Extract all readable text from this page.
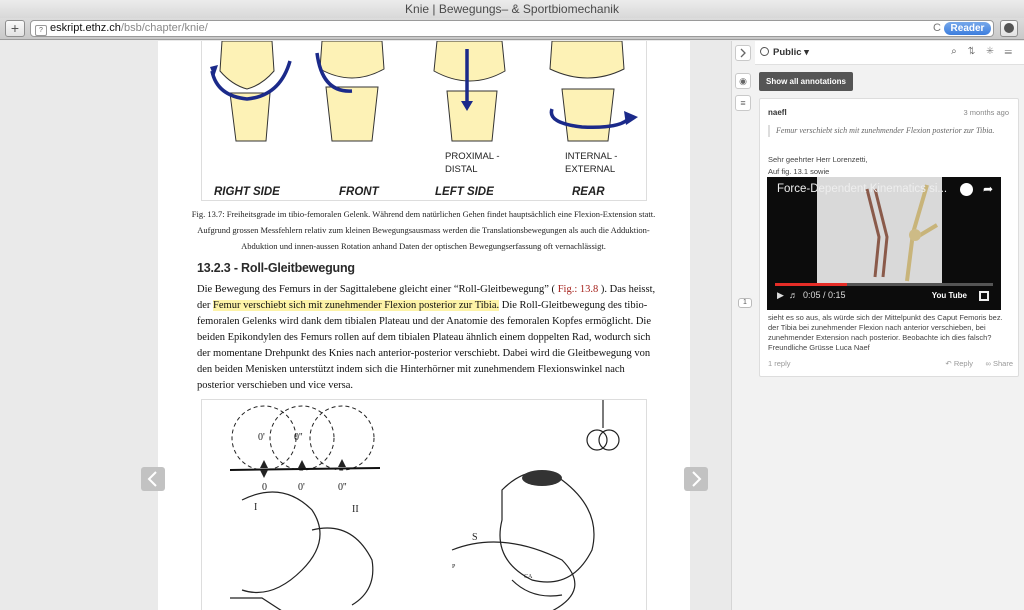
Knie | Bewegungs– & Sportbiomechanik
+	? eskript.ethz.ch/bsb/chapter/knie/	C Reader
RIGHT SIDE	FRONT	LEFT SIDE	REAR
PROXIMAL -
DISTAL
INTERNAL -
EXTERNAL
Fig. 13.7: Freiheitsgrade im tibio-femoralen Gelenk. Während dem natürlichen Gehen findet hauptsächlich eine Flexion-Extension statt. Aufgrund grossen Messfehlern relativ zum kleinen Bewegungsausmass werden die Translationsbewegungen als auch die Adduktion-Abduktion und innen-aussen Rotation anhand Daten der optischen Bewegungserfassung oft vernachlässigt.
13.2.3 - Roll-Gleitbewegung
Die Bewegung des Femurs in der Sagittalebene gleicht einer “Roll-Gleitbewegung” ( Fig.: 13.8 ). Das heisst, der Femur verschiebt sich mit zunehmender Flexion posterior zur Tibia. Die Roll-Gleitbewegung des tibio-femoralen Gelenks wird dank dem tibialen Plateau und der Anatomie des femoralen Kopfes ermöglicht. Die beiden Epikondylen des Femurs rollen auf dem tibialen Plateau ähnlich einem doppelten Rad, wodurch sich der momentane Drehpunkt des Knies nach anterior-posterior verschiebt. Dabei wird die Gleitbewegung von den beiden Menisken unterstützt indem sich die Hinterhörner mit zunehmendem Flexionswinkel nach posterior verschieben und vice versa.
0'	0''
0	0'	0''
I	II
S
P
CA
◉
≡
1
Public ▾	⌕ ⇅ ✳ ☰
Show all annotations
naefl	3 months ago
Femur verschiebt sich mit zunehmender Flexion posterior zur Tibia.
Sehr geehrter Herr Lorenzetti,
Auf fig. 13.1 sowie
Force-Dependent Kinematics si...	➦
▶ ♬ 0:05 / 0:15	You Tube
sieht es so aus, als würde sich der Mittelpunkt des Caput Femoris bez. der Tibia bei zunehmender Flexion nach anterior verschieben, bei zunehmender Extension nach posterior. Beobachte ich dies falsch? Freundliche Grüsse Luca Naef
1 reply	↶ Reply ∞ Share
